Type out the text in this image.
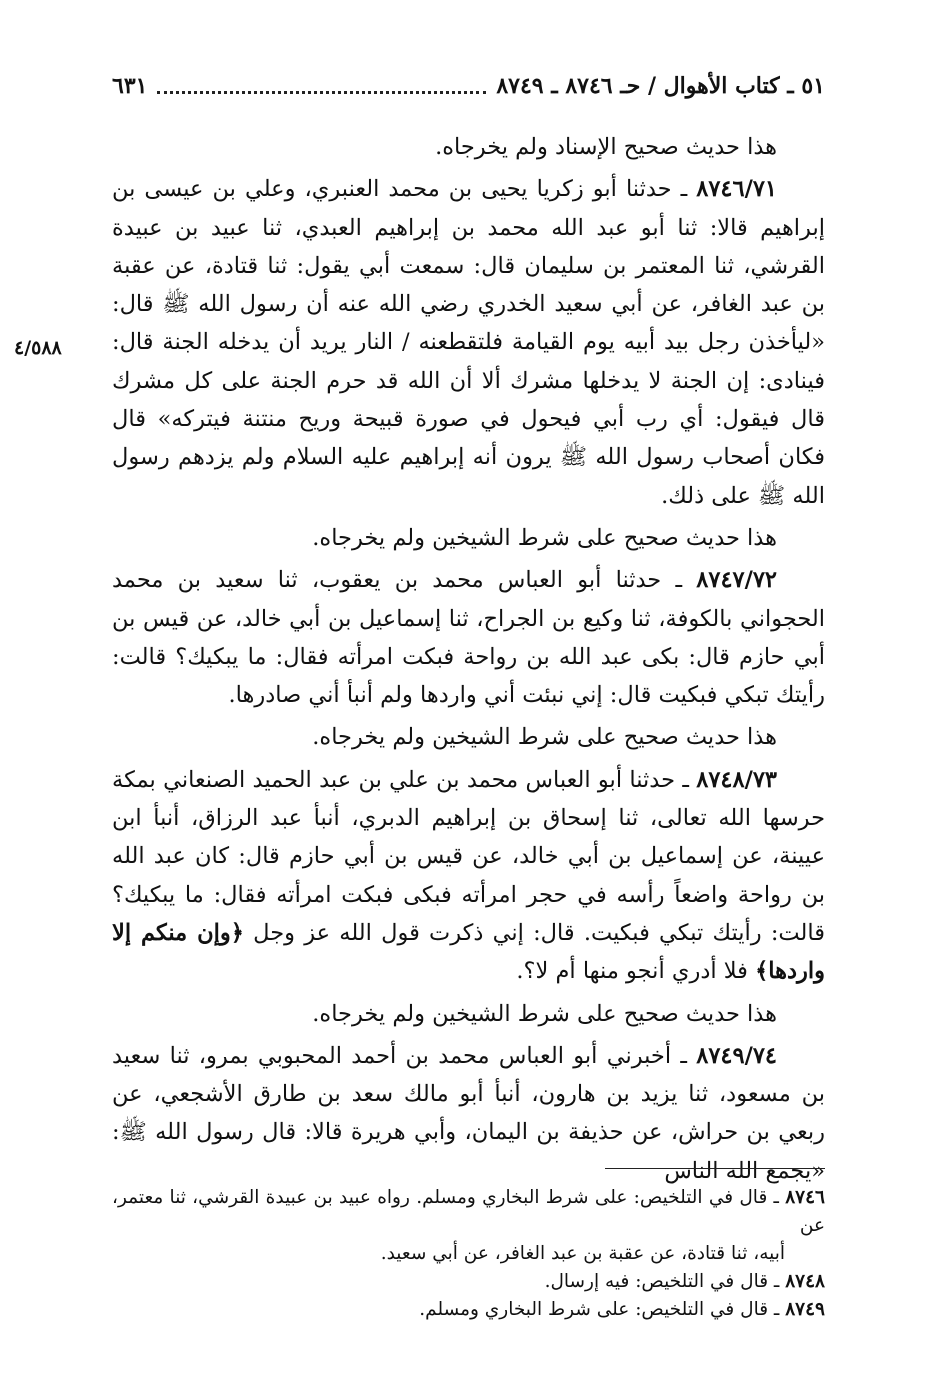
٥١ ـ كتاب الأهوال / حـ ٨٧٤٦ ـ ٨٧٤٩
٦٣١
٤/٥٨٨

هذا حديث صحيح الإسناد ولم يخرجاه.

٨٧٤٦/٧١ ـ حدثنا أبو زكريا يحيى بن محمد العنبري، وعلي بن عيسى بن إبراهيم قالا: ثنا أبو عبد الله محمد بن إبراهيم العبدي، ثنا عبيد بن عبيدة القرشي، ثنا المعتمر بن سليمان قال: سمعت أبي يقول: ثنا قتادة، عن عقبة بن عبد الغافر، عن أبي سعيد الخدري رضي الله عنه أن رسول الله ﷺ قال: «ليأخذن رجل بيد أبيه يوم القيامة فلتقطعنه / النار يريد أن يدخله الجنة قال: فينادى: إن الجنة لا يدخلها مشرك ألا أن الله قد حرم الجنة على كل مشرك قال فيقول: أي رب أبي فيحول في صورة قبيحة وريح منتنة فيتركه» قال فكان أصحاب رسول الله ﷺ يرون أنه إبراهيم عليه السلام ولم يزدهم رسول الله ﷺ على ذلك.

هذا حديث صحيح على شرط الشيخين ولم يخرجاه.

٨٧٤٧/٧٢ ـ حدثنا أبو العباس محمد بن يعقوب، ثنا سعيد بن محمد الحجواني بالكوفة، ثنا وكيع بن الجراح، ثنا إسماعيل بن أبي خالد، عن قيس بن أبي حازم قال: بكى عبد الله بن رواحة فبكت امرأته فقال: ما يبكيك؟ قالت: رأيتك تبكي فبكيت قال: إني نبئت أني واردها ولم أنبأ أني صادرها.

هذا حديث صحيح على شرط الشيخين ولم يخرجاه.

٨٧٤٨/٧٣ ـ حدثنا أبو العباس محمد بن علي بن عبد الحميد الصنعاني بمكة حرسها الله تعالى، ثنا إسحاق بن إبراهيم الدبري، أنبأ عبد الرزاق، أنبأ ابن عيينة، عن إسماعيل بن أبي خالد، عن قيس بن أبي حازم قال: كان عبد الله بن رواحة واضعاً رأسه في حجر امرأته فبكى فبكت امرأته فقال: ما يبكيك؟ قالت: رأيتك تبكي فبكيت. قال: إني ذكرت قول الله عز وجل ﴿وإن منكم إلا واردها﴾ فلا أدري أنجو منها أم لا؟.

هذا حديث صحيح على شرط الشيخين ولم يخرجاه.

٨٧٤٩/٧٤ ـ أخبرني أبو العباس محمد بن أحمد المحبوبي بمرو، ثنا سعيد بن مسعود، ثنا يزيد بن هارون، أنبأ أبو مالك سعد بن طارق الأشجعي، عن ربعي بن حراش، عن حذيفة بن اليمان، وأبي هريرة قالا: قال رسول الله ﷺ: «يجمع الله الناس

٨٧٤٦ ـ قال في التلخيص: على شرط البخاري ومسلم. رواه عبيد بن عبيدة القرشي، ثنا معتمر، عن

أبيه، ثنا قتادة، عن عقبة بن عبد الغافر، عن أبي سعيد.

٨٧٤٨ ـ قال في التلخيص: فيه إرسال.

٨٧٤٩ ـ قال في التلخيص: على شرط البخاري ومسلم.
